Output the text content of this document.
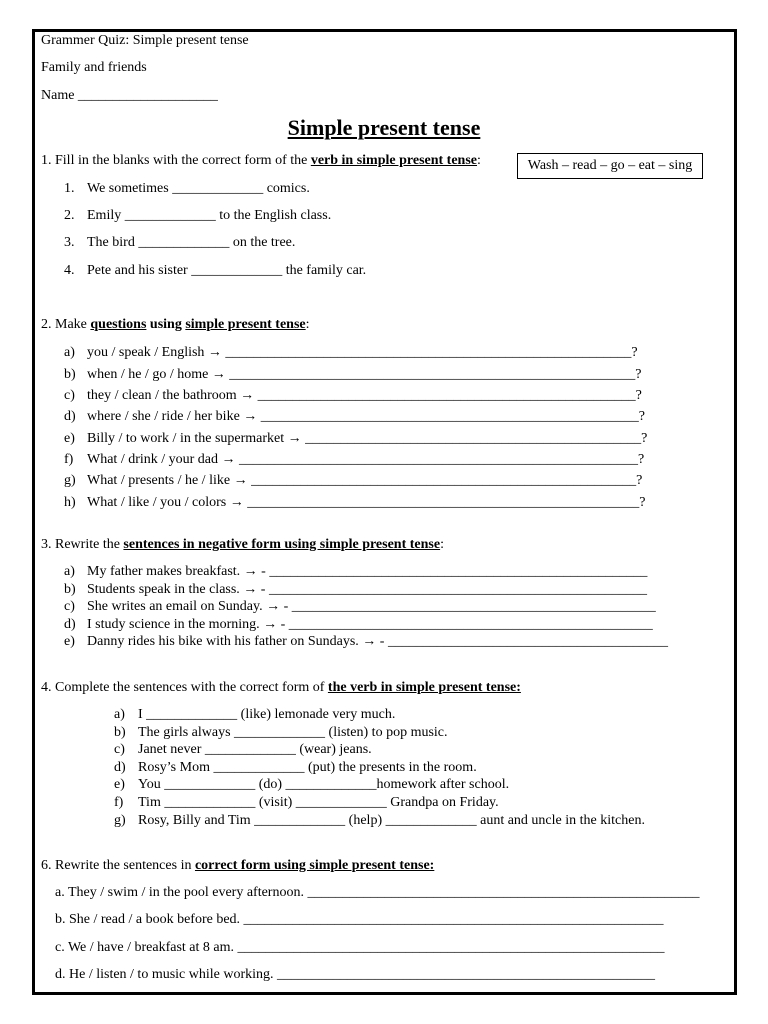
Grammer Quiz: Simple present tense
Family and friends
Name ____________________
Simple present tense
1. Fill in the blanks with the correct form of the verb in simple present tense:	Wash – read – go – eat – sing
1. We sometimes _____________ comics.
2. Emily _____________ to the English class.
3. The bird _____________ on the tree.
4. Pete and his sister _____________ the family car.
2. Make questions using simple present tense:
a) you / speak / English → __________________________________________________________?
b) when / he / go / home → __________________________________________________________?
c) they / clean / the bathroom → ______________________________________________________?
d) where / she / ride / her bike → ______________________________________________________?
e) Billy / to work / in the supermarket → ________________________________________________?
f) What / drink / your dad → _________________________________________________________?
g) What / presents / he / like → _______________________________________________________?
h) What / like / you / colors → ________________________________________________________?
3. Rewrite the sentences in negative form using simple present tense:
a) My father makes breakfast. → - ______________________________________________________
b) Students speak in the class. → - ______________________________________________________
c) She writes an email on Sunday. → - ____________________________________________________
d) I study science in the morning. → - ____________________________________________________
e) Danny rides his bike with his father on Sundays. → - ________________________________________
4. Complete the sentences with the correct form of the verb in simple present tense:
a) I _____________ (like) lemonade very much.
b) The girls always _____________ (listen) to pop music.
c) Janet never _____________ (wear) jeans.
d) Rosy’s Mom _____________ (put) the presents in the room.
e) You _____________ (do) _____________homework after school.
f) Tim _____________ (visit) _____________ Grandpa on Friday.
g) Rosy, Billy and Tim _____________ (help) _____________ aunt and uncle in the kitchen.
6. Rewrite the sentences in correct form using simple present tense:
a. They / swim / in the pool every afternoon. ________________________________________________________
b. She / read / a book before bed. ____________________________________________________________
c. We / have / breakfast at 8 am. _____________________________________________________________
d. He / listen / to music while working. ______________________________________________________
